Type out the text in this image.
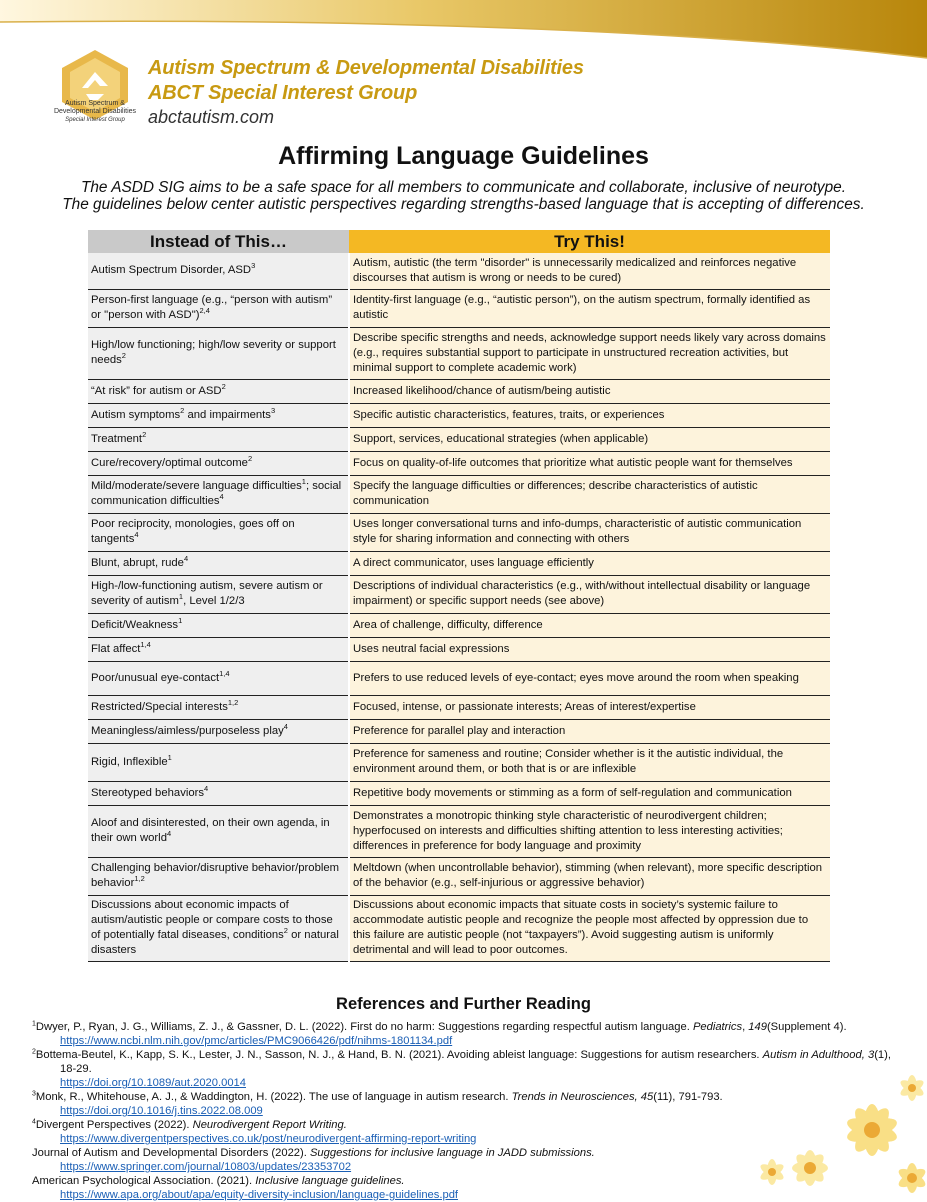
Autism Spectrum &
Developmental Disabilities
Special Interest Group
Autism Spectrum & Developmental Disabilities
ABCT Special Interest Group
abctautism.com
Affirming Language Guidelines
The ASDD SIG aims to be a safe space for all members to communicate and collaborate, inclusive of neurotype.
The guidelines below center autistic perspectives regarding strengths-based language that is accepting of differences.
Instead of This…	Try This!
Autism Spectrum Disorder, ASD$^3$	Autism, autistic (the term "disorder" is unnecessarily medicalized and reinforces negative discourses that autism is wrong or needs to be cured)
Person-first language (e.g., “person with autism” or "person with ASD")$^{2,4}$	Identity-first language (e.g., “autistic person”), on the autism spectrum, formally identified as autistic
High/low functioning; high/low severity or support needs$^2$	Describe specific strengths and needs, acknowledge support needs likely vary across domains (e.g., requires substantial support to participate in unstructured recreation activities, but minimal support to complete academic work)
“At risk” for autism or ASD$^2$	Increased likelihood/chance of autism/being autistic
Autism symptoms$^2$ and impairments$^3$	Specific autistic characteristics, features, traits, or experiences
Treatment$^2$	Support, services, educational strategies (when applicable)
Cure/recovery/optimal outcome$^2$	Focus on quality-of-life outcomes that prioritize what autistic people want for themselves
Mild/moderate/severe language difficulties$^1$; social communication difficulties$^4$	Specify the language difficulties or differences; describe characteristics of autistic communication
Poor reciprocity, monologies, goes off on tangents$^4$	Uses longer conversational turns and info-dumps, characteristic of autistic communication style for sharing information and connecting with others
Blunt, abrupt, rude$^4$	A direct communicator, uses language efficiently
High-/low-functioning autism, severe autism or severity of autism$^1$, Level 1/2/3	Descriptions of individual characteristics (e.g., with/without intellectual disability or language impairment) or specific support needs (see above)
Deficit/Weakness$^1$	Area of challenge, difficulty, difference
Flat affect$^{1,4}$	Uses neutral facial expressions
Poor/unusual eye-contact$^{1,4}$	Prefers to use reduced levels of eye-contact; eyes move around the room when speaking
Restricted/Special interests$^{1,2}$	Focused, intense, or passionate interests; Areas of interest/expertise
Meaningless/aimless/purposeless play$^4$	Preference for parallel play and interaction
Rigid, Inflexible$^1$	Preference for sameness and routine; Consider whether is it the autistic individual, the environment around them, or both that is or are inflexible
Stereotyped behaviors$^4$	Repetitive body movements or stimming as a form of self-regulation and communication
Aloof and disinterested, on their own agenda, in their own world$^4$	Demonstrates a monotropic thinking style characteristic of neurodivergent children; hyperfocused on interests and difficulties shifting attention to less interesting activities; differences in preference for body language and proximity
Challenging behavior/disruptive behavior/problem behavior$^{1,2}$	Meltdown (when uncontrollable behavior), stimming (when relevant), more specific description of the behavior (e.g., self-injurious or aggressive behavior)
Discussions about economic impacts of autism/autistic people or compare costs to those of potentially fatal diseases, conditions$^2$ or natural disasters	Discussions about economic impacts that situate costs in society’s systemic failure to accommodate autistic people and recognize the people most affected by oppression due to this failure are autistic people (not “taxpayers”). Avoid suggesting autism is uniformly detrimental and will lead to poor outcomes.
References and Further Reading
$^1$Dwyer, P., Ryan, J. G., Williams, Z. J., & Gassner, D. L. (2022). First do no harm: Suggestions regarding respectful autism language. Pediatrics, 149(Supplement 4).
https://www.ncbi.nlm.nih.gov/pmc/articles/PMC9066426/pdf/nihms-1801134.pdf
$^2$Bottema-Beutel, K., Kapp, S. K., Lester, J. N., Sasson, N. J., & Hand, B. N. (2021). Avoiding ableist language: Suggestions for autism researchers. Autism in Adulthood, 3(1), 18-29.
https://doi.org/10.1089/aut.2020.0014
$^3$Monk, R., Whitehouse, A. J., & Waddington, H. (2022). The use of language in autism research. Trends in Neurosciences, 45(11), 791-793.
https://doi.org/10.1016/j.tins.2022.08.009
$^4$Divergent Perspectives (2022). Neurodivergent Report Writing.
https://www.divergentperspectives.co.uk/post/neurodivergent-affirming-report-writing
Journal of Autism and Developmental Disorders (2022). Suggestions for inclusive language in JADD submissions.
https://www.springer.com/journal/10803/updates/23353702
American Psychological Association. (2021). Inclusive language guidelines.
https://www.apa.org/about/apa/equity-diversity-inclusion/language-guidelines.pdf
